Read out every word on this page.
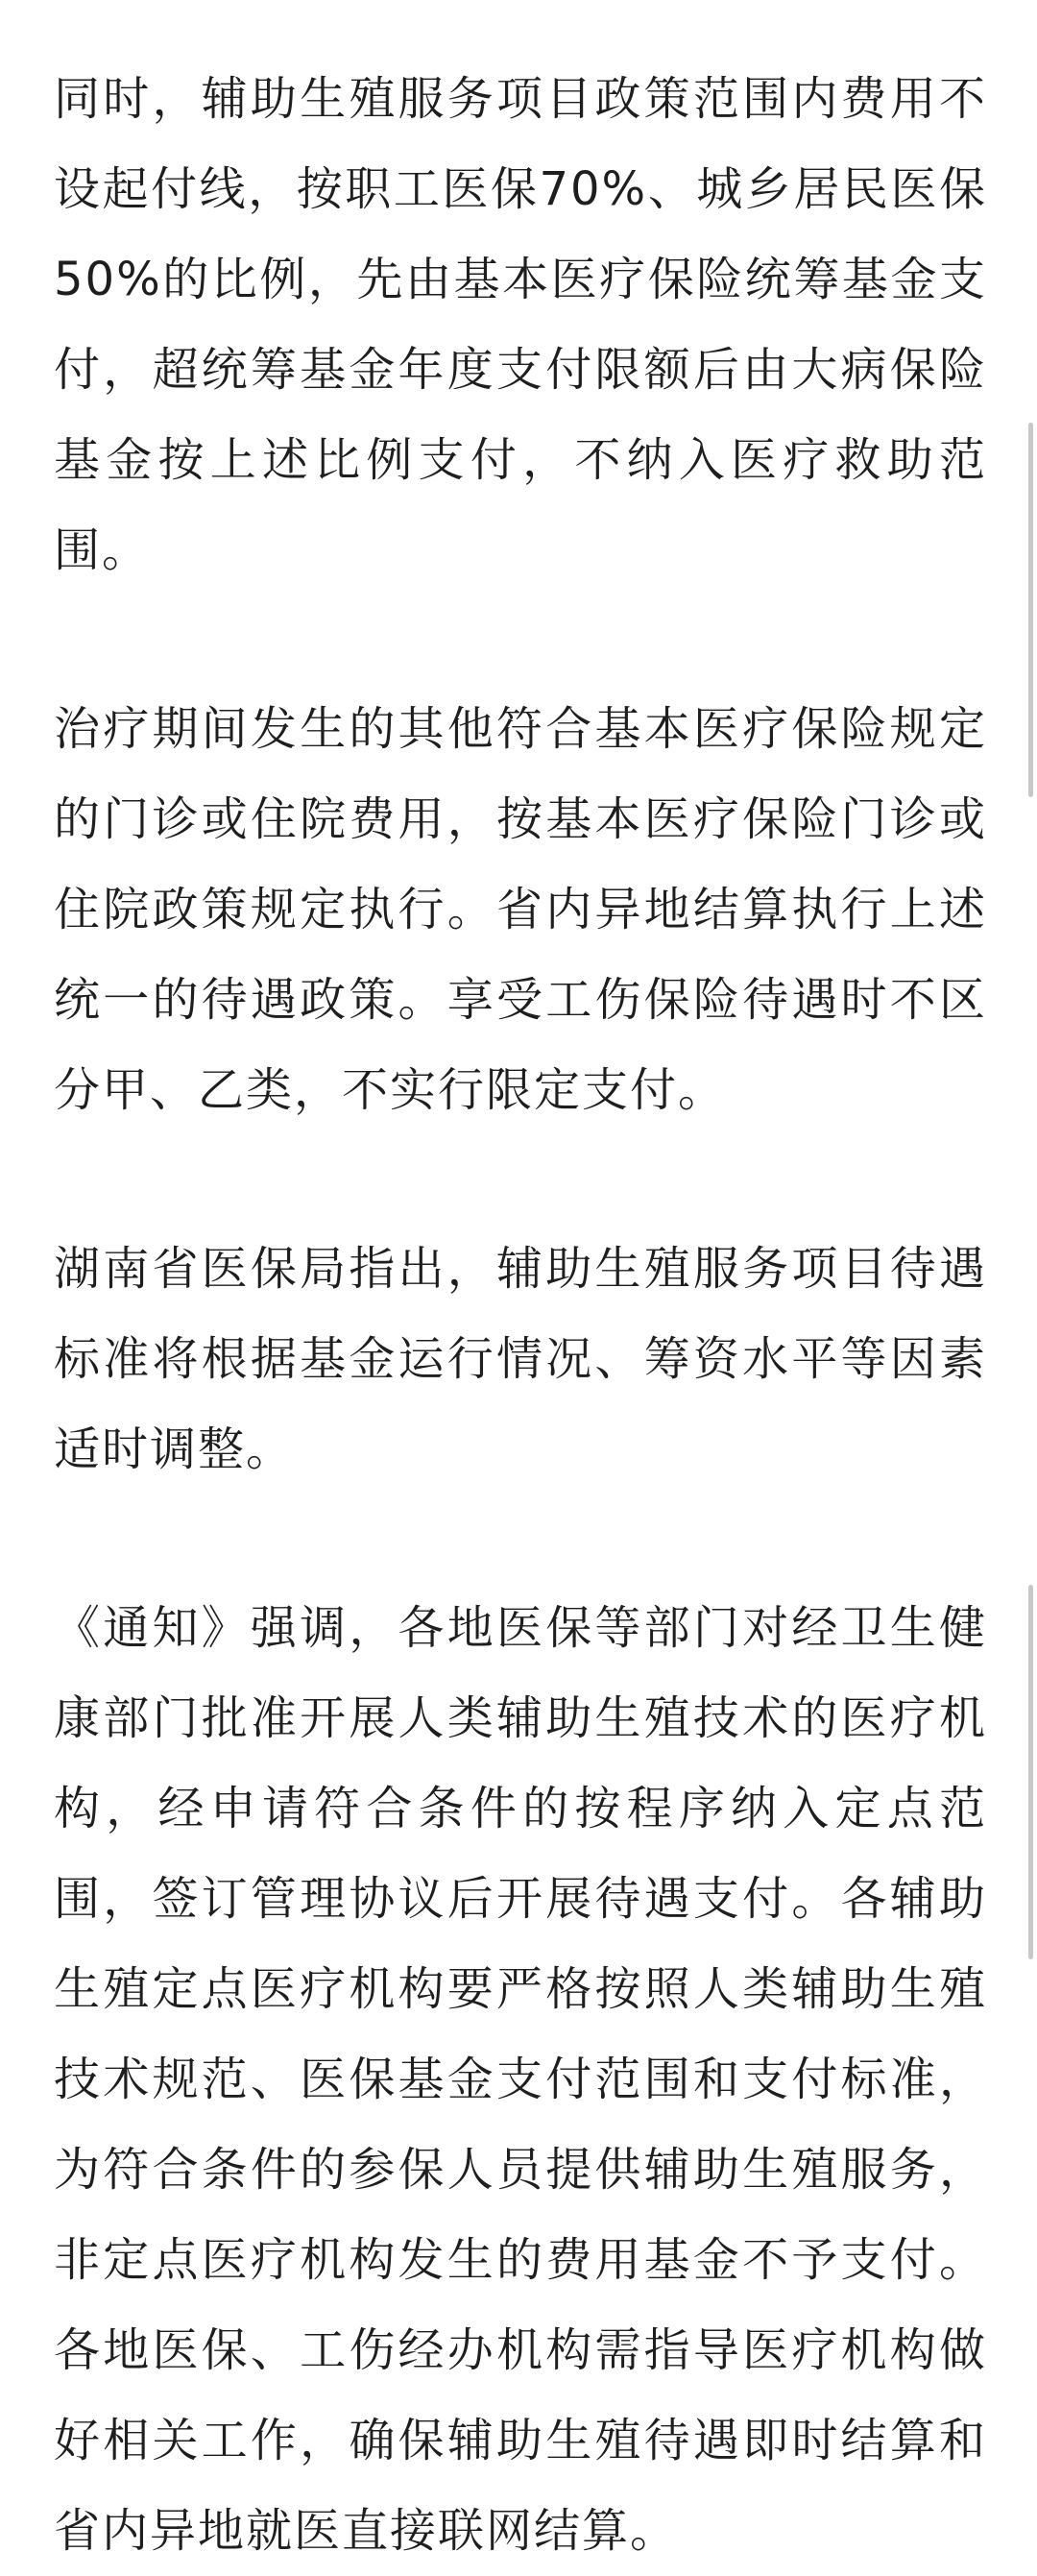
同时，辅助生殖服务项目政策范围内费用不设起付线，按职工医保70%、城乡居民医保50%的比例，先由基本医疗保险统筹基金支付，超统筹基金年度支付限额后由大病保险基金按上述比例支付，不纳入医疗救助范围。

治疗期间发生的其他符合基本医疗保险规定的门诊或住院费用，按基本医疗保险门诊或住院政策规定执行。省内异地结算执行上述统一的待遇政策。享受工伤保险待遇时不区分甲、乙类，不实行限定支付。

湖南省医保局指出，辅助生殖服务项目待遇标准将根据基金运行情况、筹资水平等因素适时调整。

《通知》强调，各地医保等部门对经卫生健康部门批准开展人类辅助生殖技术的医疗机构，经申请符合条件的按程序纳入定点范围，签订管理协议后开展待遇支付。各辅助生殖定点医疗机构要严格按照人类辅助生殖技术规范、医保基金支付范围和支付标准，为符合条件的参保人员提供辅助生殖服务，非定点医疗机构发生的费用基金不予支付。各地医保、工伤经办机构需指导医疗机构做好相关工作，确保辅助生殖待遇即时结算和省内异地就医直接联网结算。
